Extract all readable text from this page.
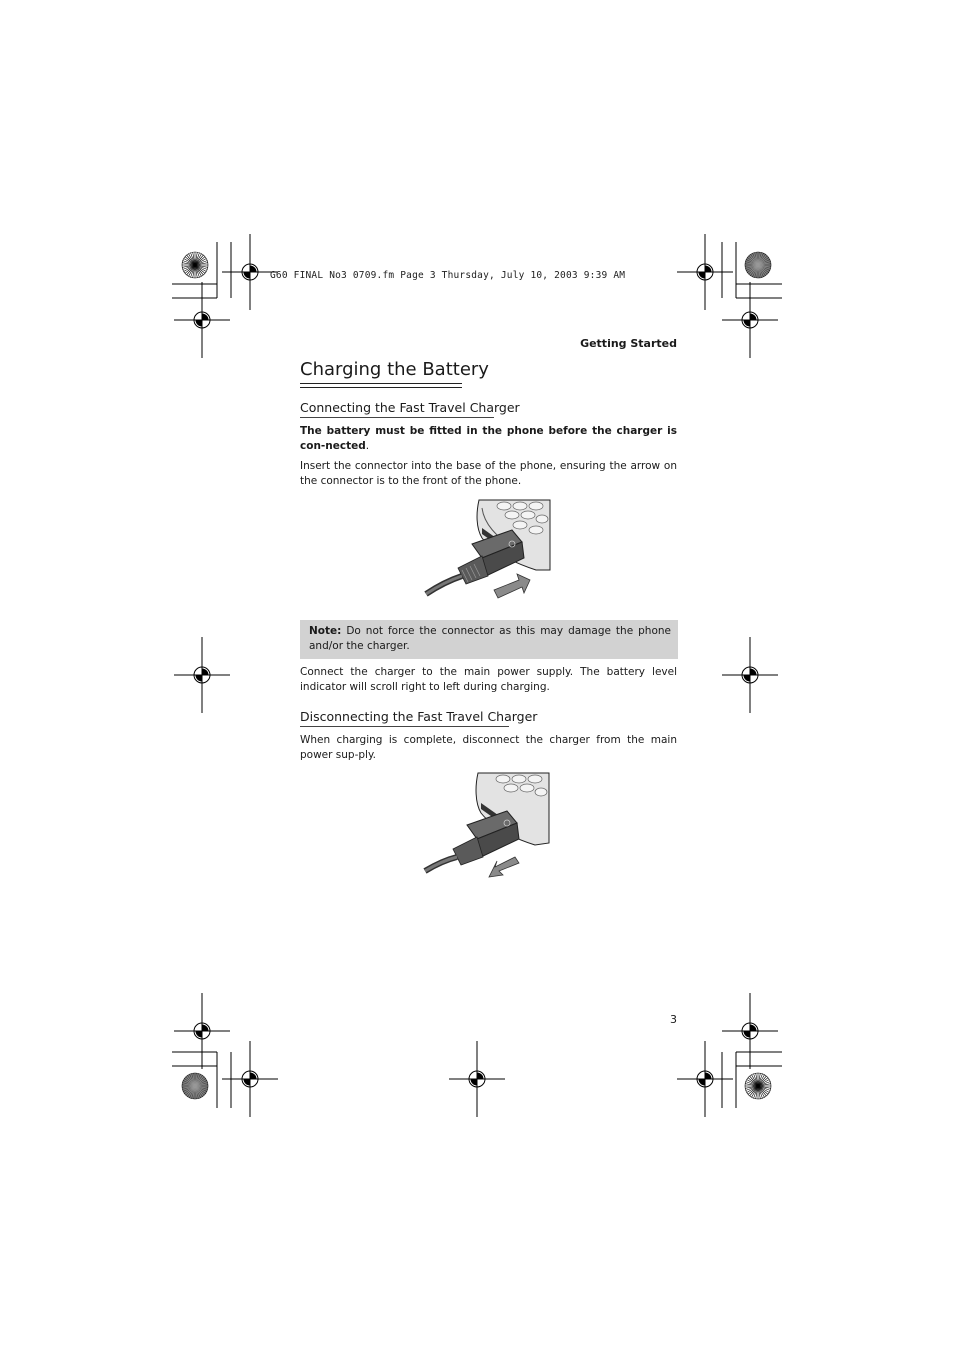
G60 FINAL No3 0709.fm Page 3 Thursday, July 10, 2003 9:39 AM
Getting Started
Charging the Battery
Connecting the Fast Travel Charger
The battery must be fitted in the phone before the charger is con-nected.
Insert the connector into the base of the phone, ensuring the arrow on the connector is to the front of the phone.
Note: Do not force the connector as this may damage the phone and/or the charger.
Connect the charger to the main power supply. The battery level indicator will scroll right to left during charging.
Disconnecting the Fast Travel Charger
When charging is complete, disconnect the charger from the main power sup-ply.
3
